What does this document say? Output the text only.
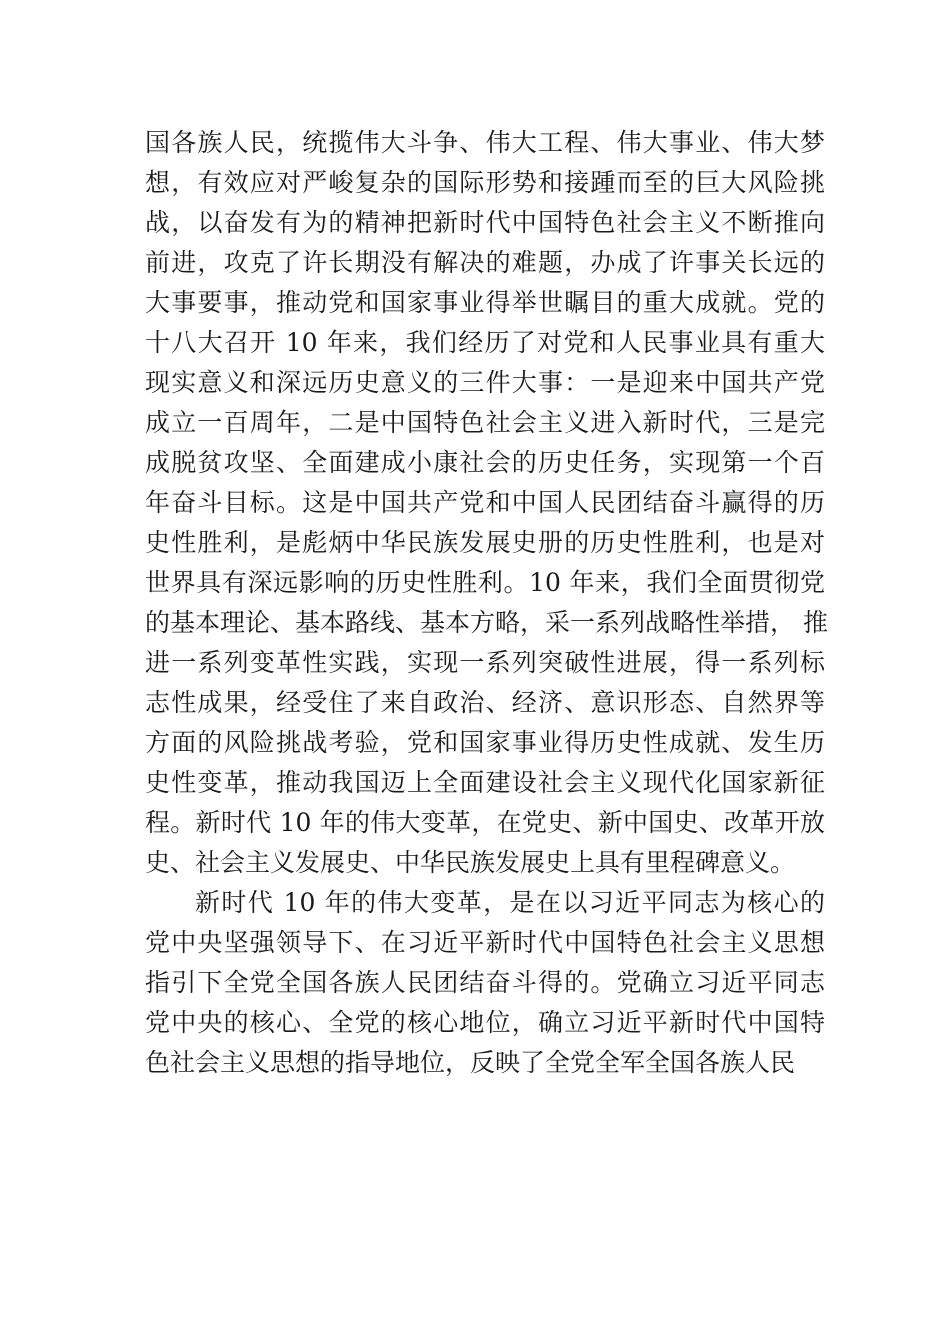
国各族人民，统揽伟大斗争、伟大工程、伟大事业、伟大梦
想，有效应对严峻复杂的国际形势和接踵而至的巨大风险挑
战，以奋发有为的精神把新时代中国特色社会主义不断推向
前进，攻克了许长期没有解决的难题，办成了许事关长远的
大事要事，推动党和国家事业得举世瞩目的重大成就。党的
十八大召开 10 年来，我们经历了对党和人民事业具有重大
现实意义和深远历史意义的三件大事：一是迎来中国共产党
成立一百周年，二是中国特色社会主义进入新时代，三是完
成脱贫攻坚、全面建成小康社会的历史任务，实现第一个百
年奋斗目标。这是中国共产党和中国人民团结奋斗赢得的历
史性胜利，是彪炳中华民族发展史册的历史性胜利，也是对
世界具有深远影响的历史性胜利。10 年来，我们全面贯彻党
的基本理论、基本路线、基本方略，采一系列战略性举措， 推
进一系列变革性实践，实现一系列突破性进展，得一系列标
志性成果，经受住了来自政治、经济、意识形态、自然界等
方面的风险挑战考验，党和国家事业得历史性成就、发生历
史性变革，推动我国迈上全面建设社会主义现代化国家新征
程。新时代 10 年的伟大变革，在党史、新中国史、改革开放
史、社会主义发展史、中华民族发展史上具有里程碑意义。
新时代 10 年的伟大变革，是在以习近平同志为核心的
党中央坚强领导下、在习近平新时代中国特色社会主义思想
指引下全党全国各族人民团结奋斗得的。党确立习近平同志
党中央的核心、全党的核心地位，确立习近平新时代中国特
色社会主义思想的指导地位，反映了全党全军全国各族人民
